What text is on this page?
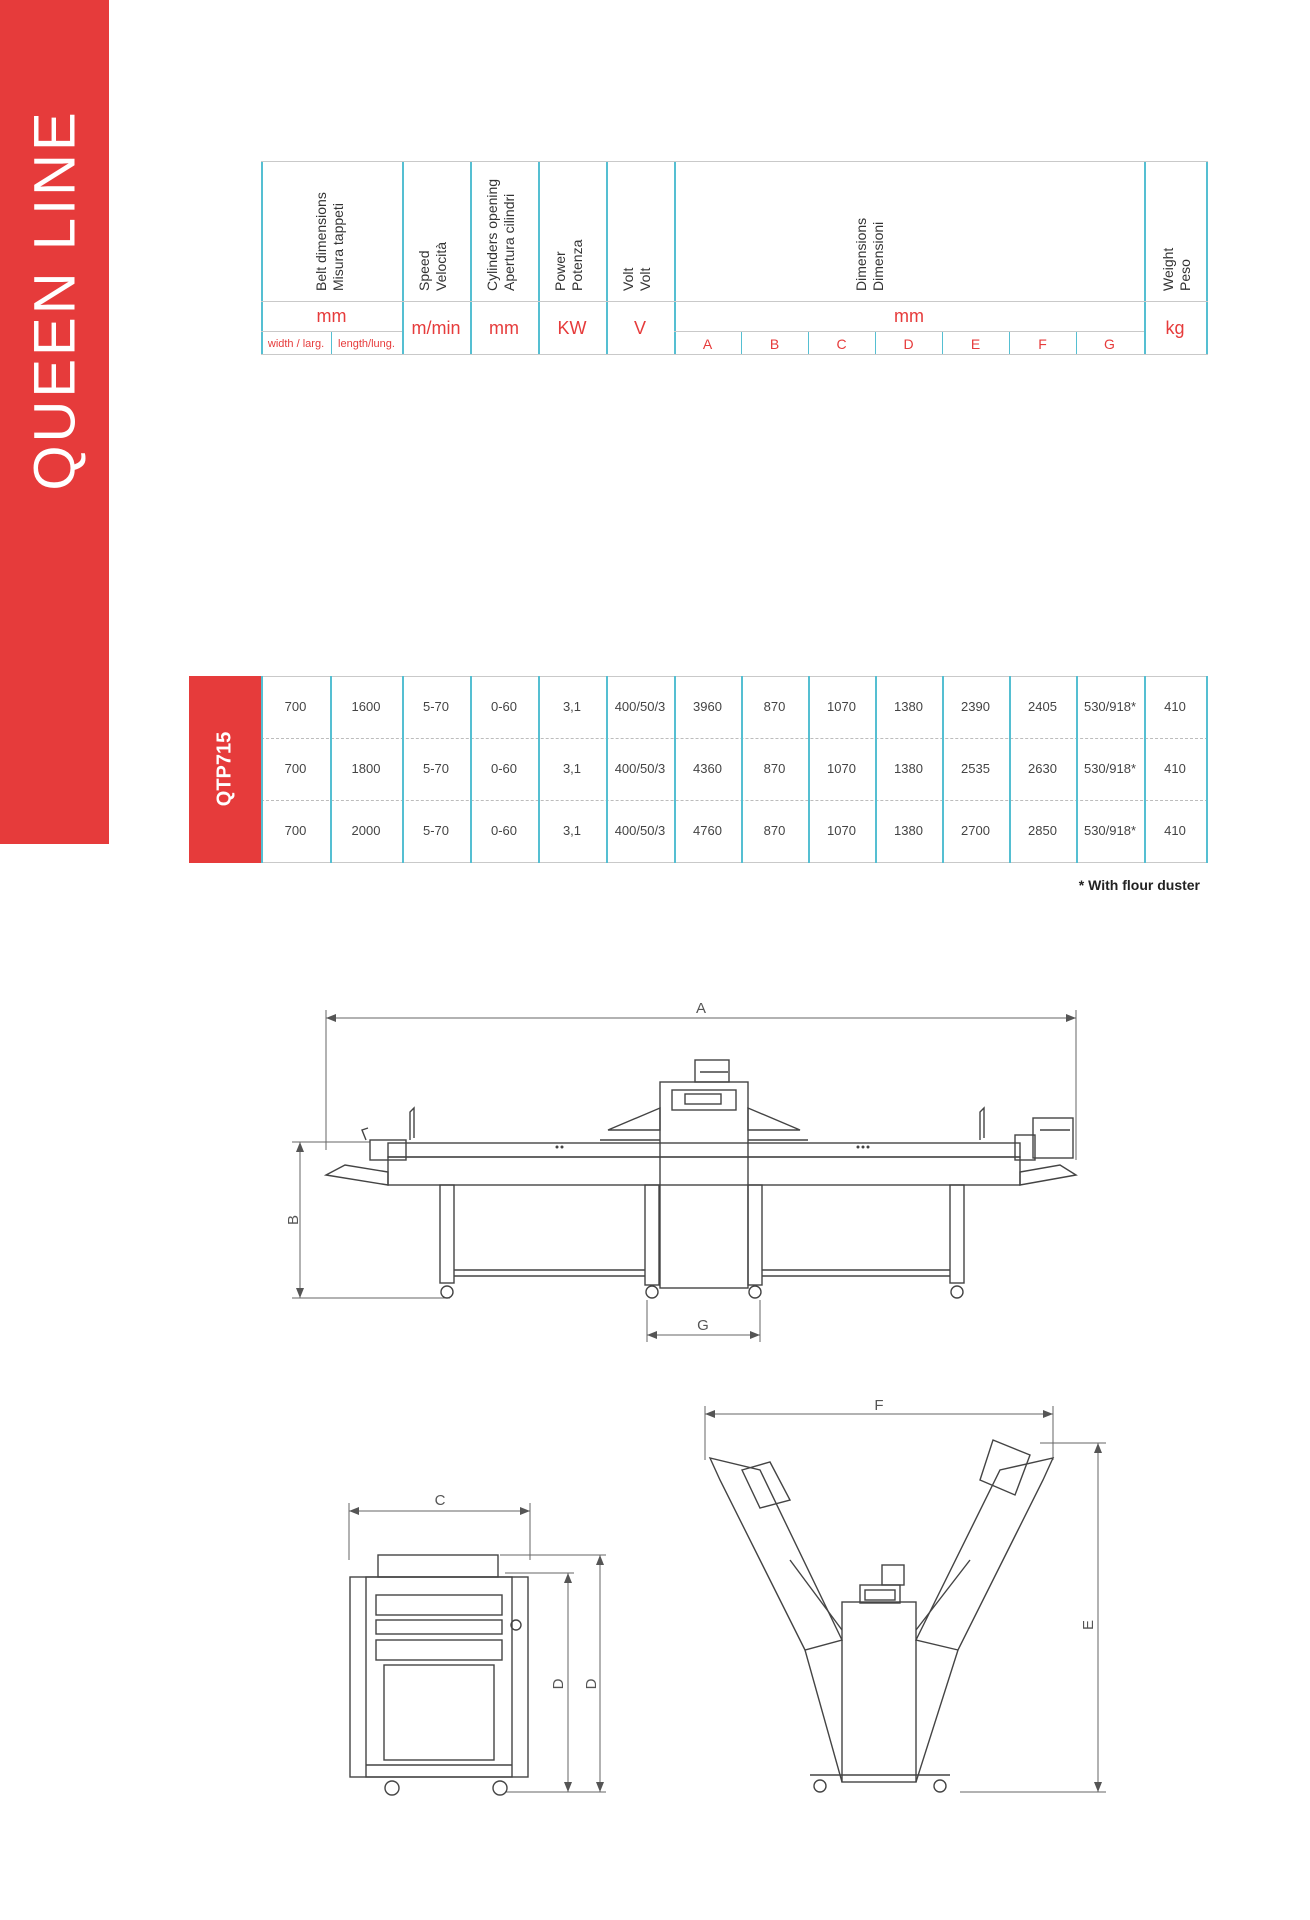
QUEEN LINE	Belt dimensions Misura tappeti	Speed Velocità	Cylinders opening Apertura cilindri	Power Potenza	Volt Volt	Dimensions Dimensioni	Weight Peso
mm
m/min	mm	KW	V
mm
kg
width / larg.	length/lung.	A	B	C	D	E	F	G
QTP715
700	1600	5-70	0-60	3,1	400/50/3	3960	870	1070	1380	2390	2405	530/918*	410
700	1800	5-70	0-60	3,1	400/50/3	4360	870	1070	1380	2535	2630	530/918*	410
700	2000	5-70	0-60	3,1	400/50/3	4760	870	1070	1380	2700	2850	530/918*	410
* With flour duster
A
B
G
C
D D
F
E
